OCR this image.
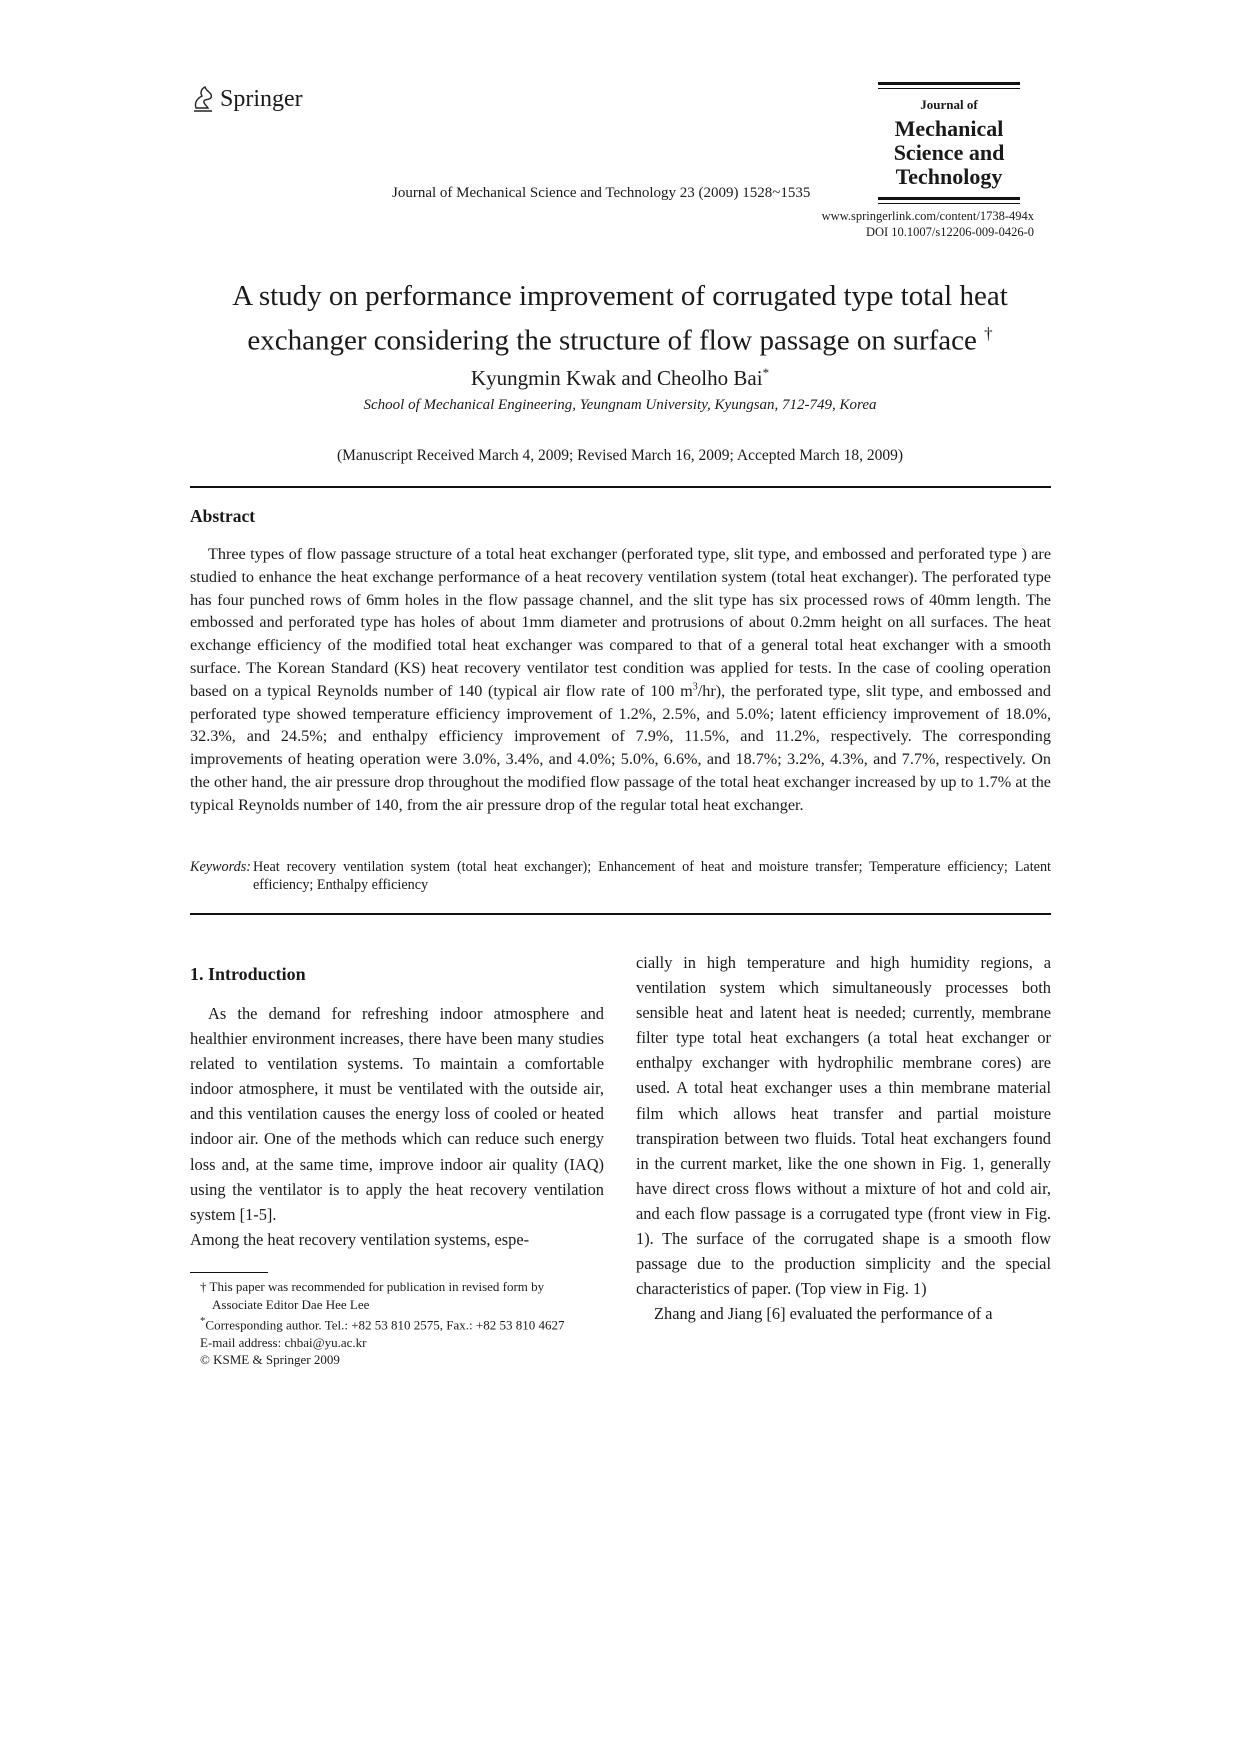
Springer	Journal of
Mechanical
Science and
Technology
Journal of Mechanical Science and Technology 23 (2009) 1528~1535
www.springerlink.com/content/1738-494x
DOI 10.1007/s12206-009-0426-0
A study on performance improvement of corrugated type total heat
exchanger considering the structure of flow passage on surface †
Kyungmin Kwak and Cheolho Bai*
School of Mechanical Engineering, Yeungnam University, Kyungsan, 712-749, Korea
(Manuscript Received March 4, 2009; Revised March 16, 2009; Accepted March 18, 2009)
Abstract
Three types of flow passage structure of a total heat exchanger (perforated type, slit type, and embossed and perforated type ) are studied to enhance the heat exchange performance of a heat recovery ventilation system (total heat exchanger). The perforated type has four punched rows of 6mm holes in the flow passage channel, and the slit type has six processed rows of 40mm length. The embossed and perforated type has holes of about 1mm diameter and protrusions of about 0.2mm height on all surfaces. The heat exchange efficiency of the modified total heat exchanger was compared to that of a general total heat exchanger with a smooth surface. The Korean Standard (KS) heat recovery ventilator test condition was applied for tests. In the case of cooling operation based on a typical Reynolds number of 140 (typical air flow rate of 100 $m^3/hr$), the perforated type, slit type, and embossed and perforated type showed temperature efficiency improvement of 1.2%, 2.5%, and 5.0%; latent efficiency improvement of 18.0%, 32.3%, and 24.5%; and enthalpy efficiency improvement of 7.9%, 11.5%, and 11.2%, respectively. The corresponding improvements of heating operation were 3.0%, 3.4%, and 4.0%; 5.0%, 6.6%, and 18.7%; 3.2%, 4.3%, and 7.7%, respectively. On the other hand, the air pressure drop throughout the modified flow passage of the total heat exchanger increased by up to 1.7% at the typical Reynolds number of 140, from the air pressure drop of the regular total heat exchanger.
Keywords: Heat recovery ventilation system (total heat exchanger); Enhancement of heat and moisture transfer; Temperature efficiency; Latent efficiency; Enthalpy efficiency
1. Introduction

As the demand for refreshing indoor atmosphere and healthier environment increases, there have been many studies related to ventilation systems. To maintain a comfortable indoor atmosphere, it must be ventilated with the outside air, and this ventilation causes the energy loss of cooled or heated indoor air. One of the methods which can reduce such energy loss and, at the same time, improve indoor air quality (IAQ) using the ventilator is to apply the heat recovery ventilation system [1-5].

Among the heat recovery ventilation systems, espe-

† This paper was recommended for publication in revised form by
Associate Editor Dae Hee Lee
*Corresponding author. Tel.: +82 53 810 2575, Fax.: +82 53 810 4627
E-mail address: chbai@yu.ac.kr
© KSME & Springer 2009

cially in high temperature and high humidity regions, a ventilation system which simultaneously processes both sensible heat and latent heat is needed; currently, membrane filter type total heat exchangers (a total heat exchanger or enthalpy exchanger with hydrophilic membrane cores) are used. A total heat exchanger uses a thin membrane material film which allows heat transfer and partial moisture transpiration between two fluids. Total heat exchangers found in the current market, like the one shown in Fig. 1, generally have direct cross flows without a mixture of hot and cold air, and each flow passage is a corrugated type (front view in Fig. 1). The surface of the corrugated shape is a smooth flow passage due to the production simplicity and the special characteristics of paper. (Top view in Fig. 1)

Zhang and Jiang [6] evaluated the performance of a
